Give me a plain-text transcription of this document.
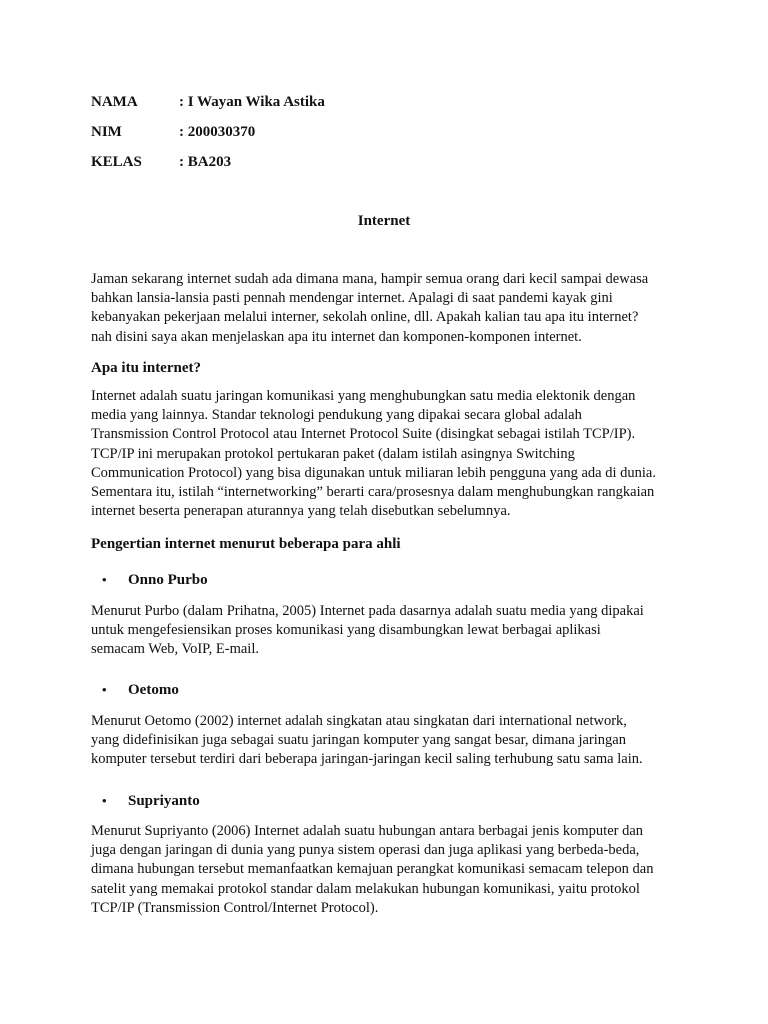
NAMA	: I Wayan Wika Astika
NIM	: 200030370
KELAS : BA203
Internet
Jaman sekarang internet sudah ada dimana mana, hampir semua orang dari kecil sampai dewasa
bahkan lansia-lansia pasti pennah mendengar internet. Apalagi di saat pandemi kayak gini
kebanyakan pekerjaan melalui interner, sekolah online, dll. Apakah kalian tau apa itu internet?
nah disini saya akan menjelaskan apa itu internet dan komponen-komponen internet.
Apa itu internet?
Internet adalah suatu jaringan komunikasi yang menghubungkan satu media elektonik dengan
media yang lainnya. Standar teknologi pendukung yang dipakai secara global adalah
Transmission Control Protocol atau Internet Protocol Suite (disingkat sebagai istilah TCP/IP).
TCP/IP ini merupakan protokol pertukaran paket (dalam istilah asingnya Switching
Communication Protocol) yang bisa digunakan untuk miliaran lebih pengguna yang ada di dunia.
Sementara itu, istilah “internetworking” berarti cara/prosesnya dalam menghubungkan rangkaian
internet beserta penerapan aturannya yang telah disebutkan sebelumnya.
Pengertian internet menurut beberapa para ahli
• Onno Purbo
Menurut Purbo (dalam Prihatna, 2005) Internet pada dasarnya adalah suatu media yang dipakai
untuk mengefesiensikan proses komunikasi yang disambungkan lewat berbagai aplikasi
semacam Web, VoIP, E-mail.
• Oetomo
Menurut Oetomo (2002) internet adalah singkatan atau singkatan dari international network,
yang didefinisikan juga sebagai suatu jaringan komputer yang sangat besar, dimana jaringan
komputer tersebut terdiri dari beberapa jaringan-jaringan kecil saling terhubung satu sama lain.
• Supriyanto
Menurut Supriyanto (2006) Internet adalah suatu hubungan antara berbagai jenis komputer dan
juga dengan jaringan di dunia yang punya sistem operasi dan juga aplikasi yang berbeda-beda,
dimana hubungan tersebut memanfaatkan kemajuan perangkat komunikasi semacam telepon dan
satelit yang memakai protokol standar dalam melakukan hubungan komunikasi, yaitu protokol
TCP/IP (Transmission Control/Internet Protocol).
